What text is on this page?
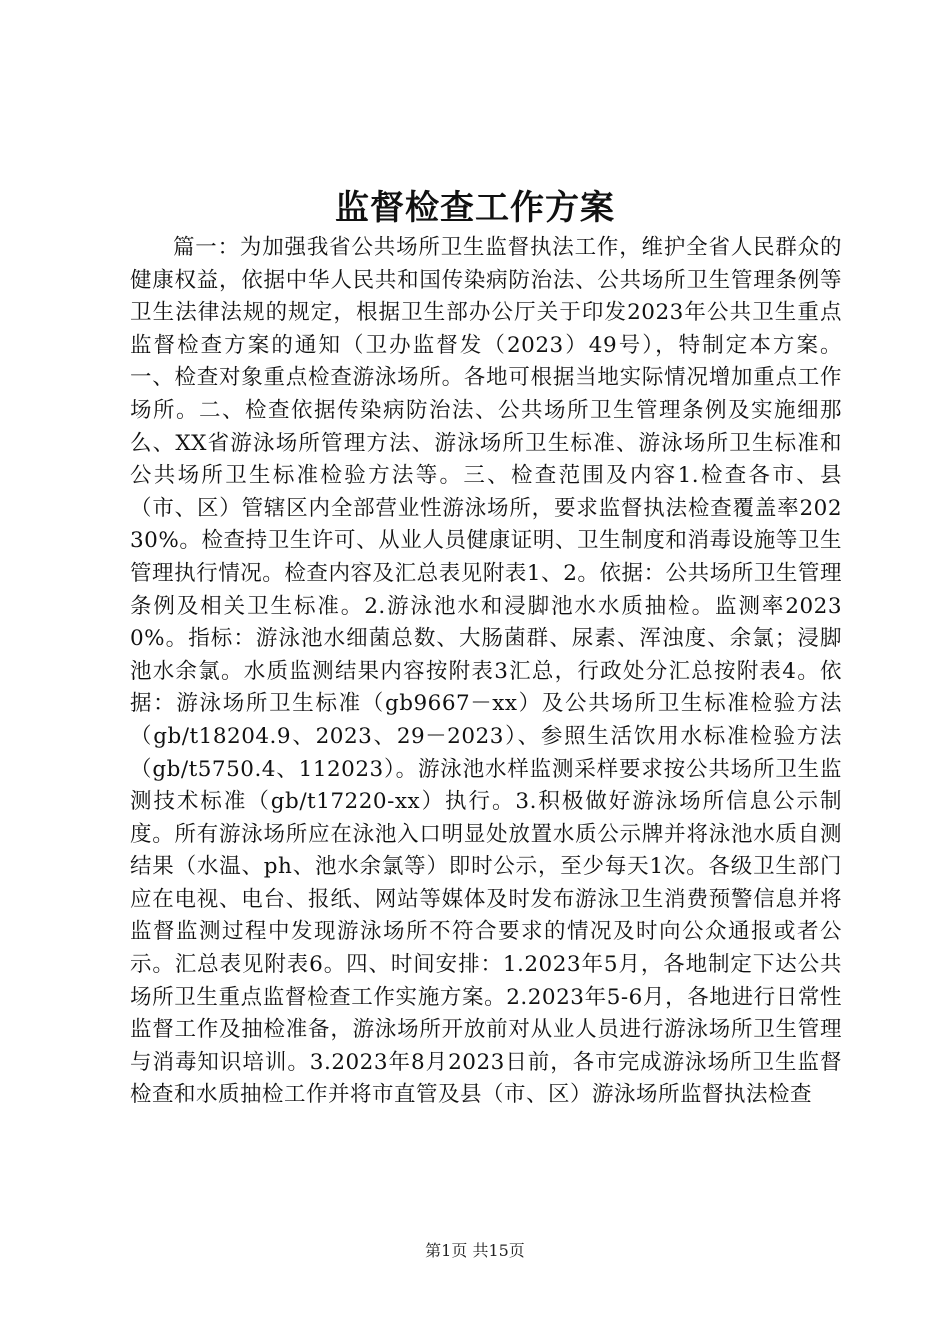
监督检查工作方案

篇一：为加强我省公共场所卫生监督执法工作，维护全省人民群众的健康权益，依据中华人民共和国传染病防治法、公共场所卫生管理条例等卫生法律法规的规定，根据卫生部办公厅关于印发2023年公共卫生重点监督检查方案的通知（卫办监督发（2023）49号），特制定本方案。一、检查对象重点检查游泳场所。各地可根据当地实际情况增加重点工作场所。二、检查依据传染病防治法、公共场所卫生管理条例及实施细那么、XX省游泳场所管理方法、游泳场所卫生标准、游泳场所卫生标准和公共场所卫生标准检验方法等。三、检查范围及内容1.检查各市、县（市、区）管辖区内全部营业性游泳场所，要求监督执法检查覆盖率20230%。检查持卫生许可、从业人员健康证明、卫生制度和消毒设施等卫生管理执行情况。检查内容及汇总表见附表1、2。依据：公共场所卫生管理条例及相关卫生标准。2.游泳池水和浸脚池水水质抽检。监测率20230%。指标：游泳池水细菌总数、大肠菌群、尿素、浑浊度、余氯；浸脚池水余氯。水质监测结果内容按附表3汇总，行政处分汇总按附表4。依据：游泳场所卫生标准（gb9667－xx）及公共场所卫生标准检验方法（gb/t18204.9、2023、29－2023）、参照生活饮用水标准检验方法（gb/t5750.4、112023）。游泳池水样监测采样要求按公共场所卫生监测技术标准（gb/t17220-xx）执行。3.积极做好游泳场所信息公示制度。所有游泳场所应在泳池入口明显处放置水质公示牌并将泳池水质自测结果（水温、ph、池水余氯等）即时公示，至少每天1次。各级卫生部门应在电视、电台、报纸、网站等媒体及时发布游泳卫生消费预警信息并将监督监测过程中发现游泳场所不符合要求的情况及时向公众通报或者公示。汇总表见附表6。四、时间安排：1.2023年5月，各地制定下达公共场所卫生重点监督检查工作实施方案。2.2023年5-6月，各地进行日常性监督工作及抽检准备，游泳场所开放前对从业人员进行游泳场所卫生管理与消毒知识培训。3.2023年8月2023日前，各市完成游泳场所卫生监督检查和水质抽检工作并将市直管及县（市、区）游泳场所监督执法检查

第1页 共15页
